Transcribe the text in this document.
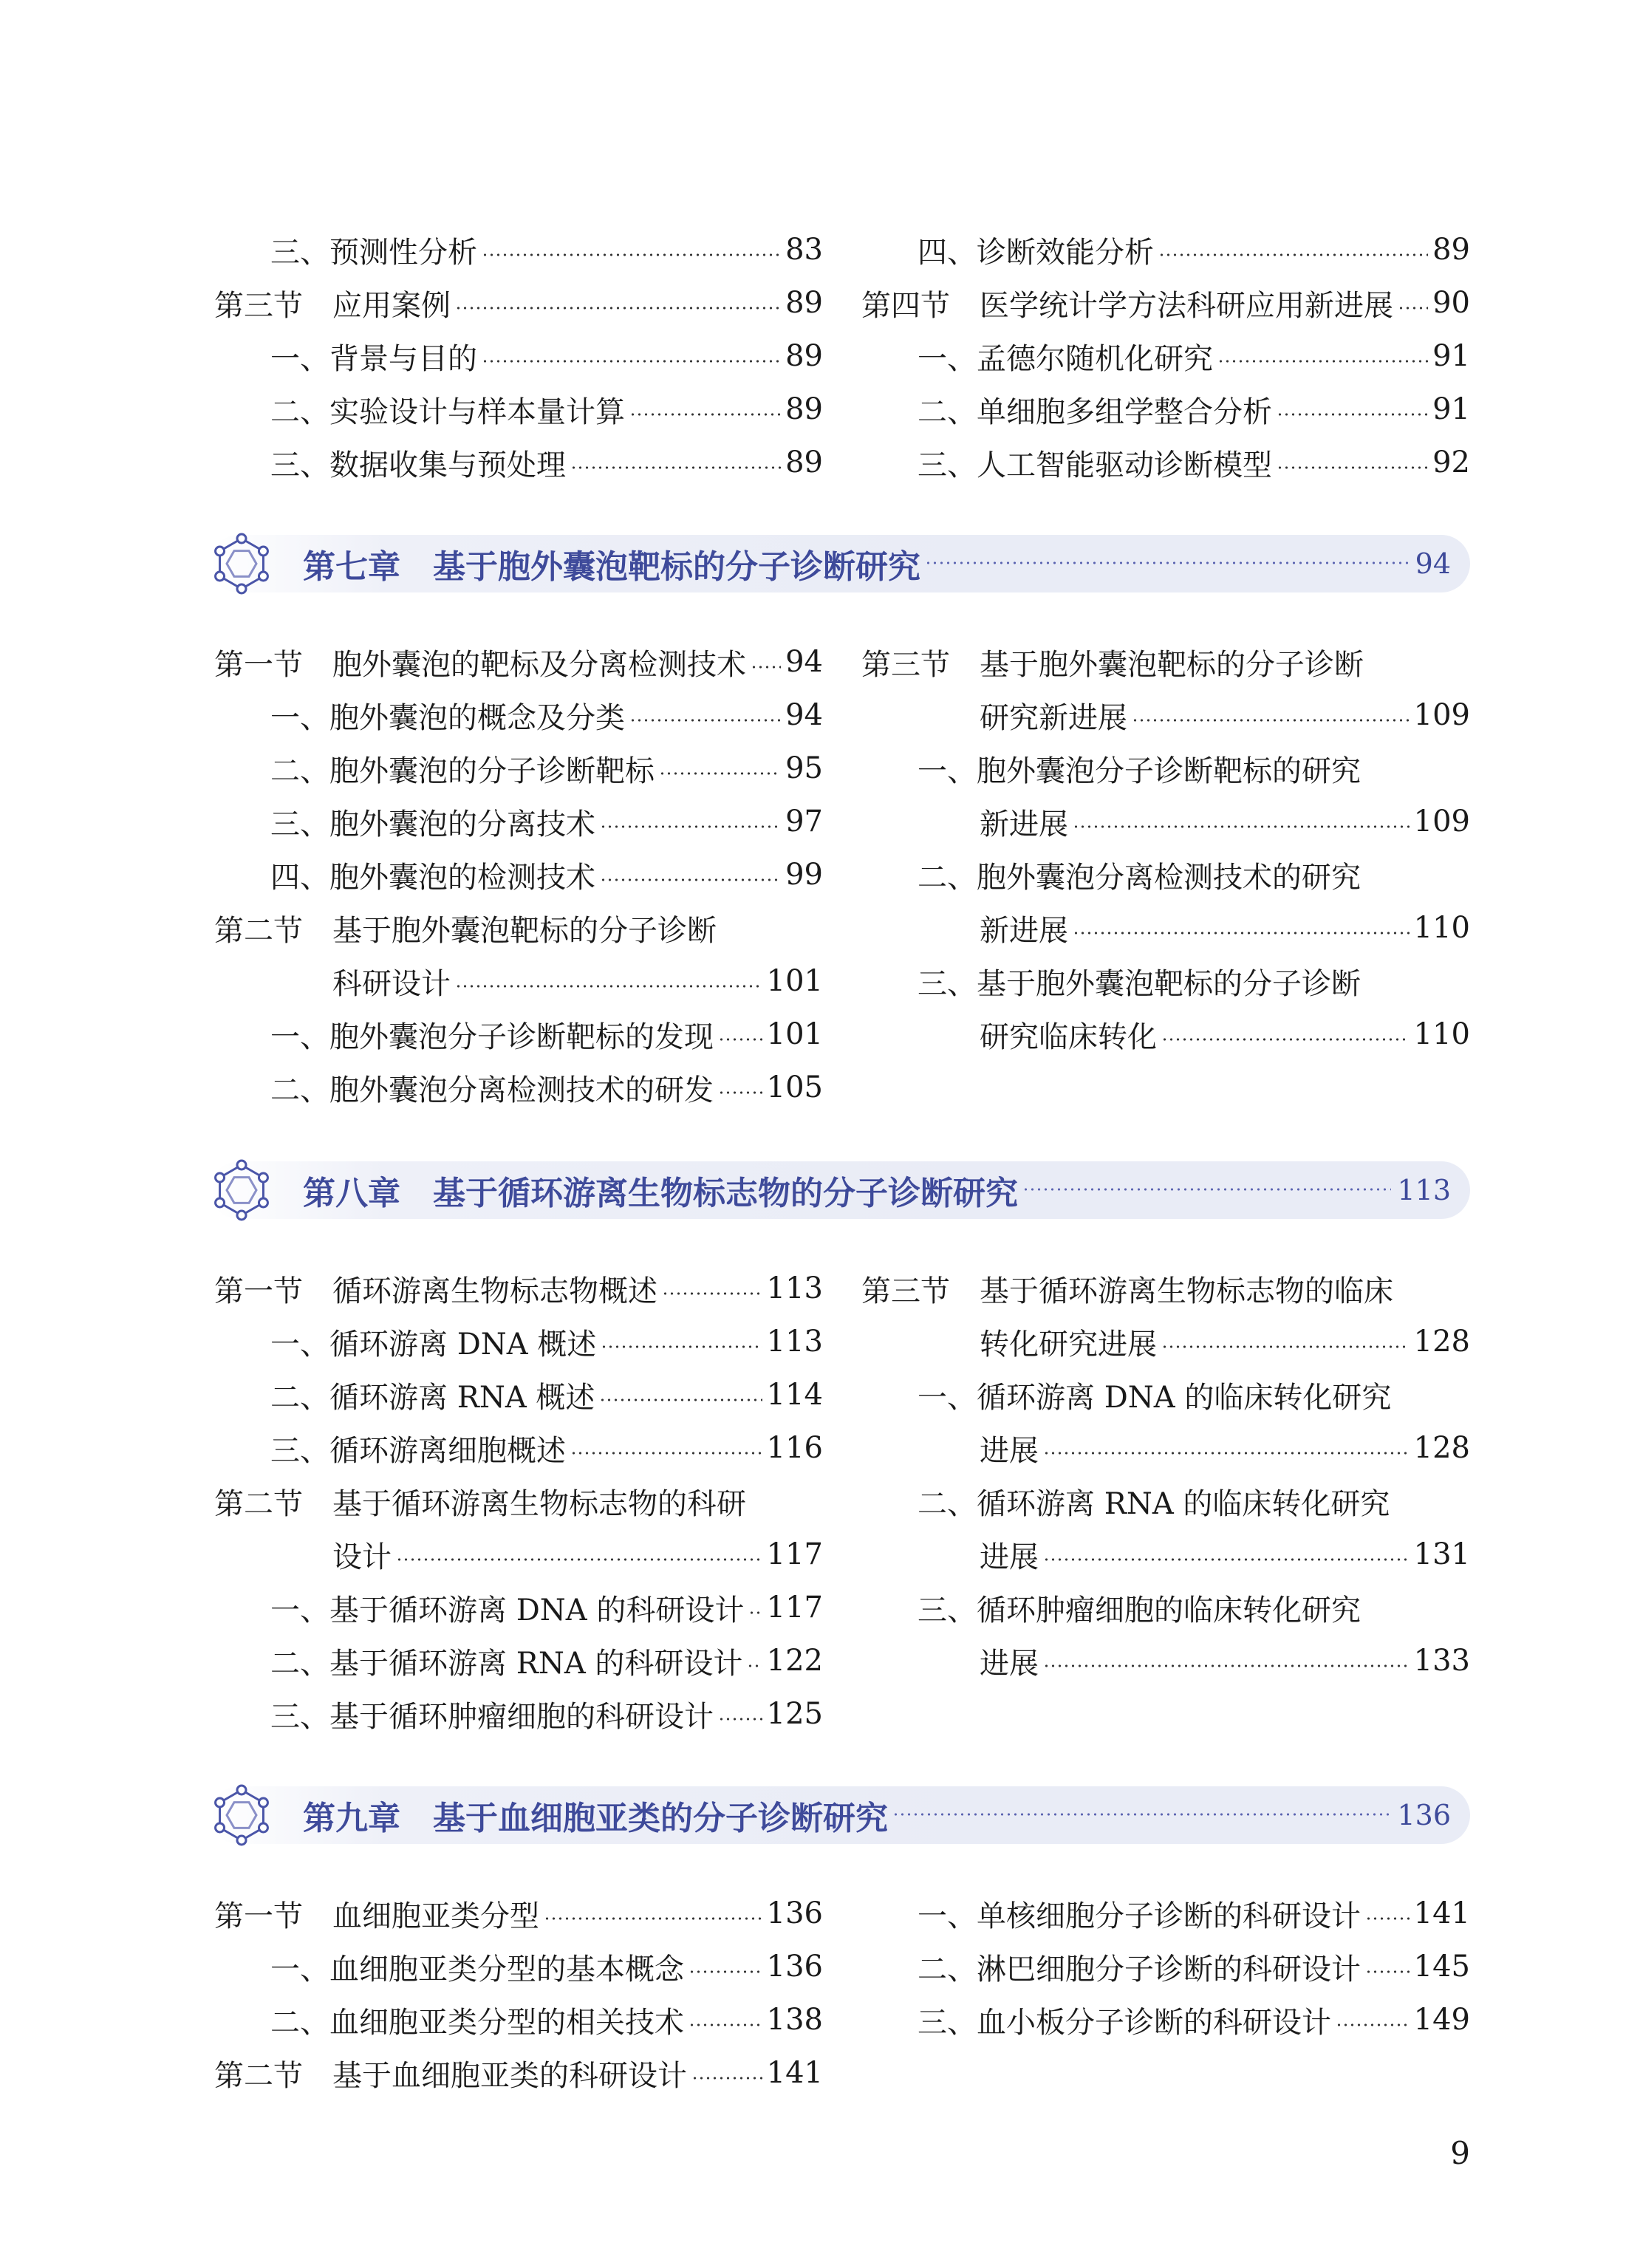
三、预测性分析	83
第三节	应用案例	89
一、背景与目的	89
二、实验设计与样本量计算	89
三、数据收集与预处理	89
四、诊断效能分析	89
第四节	医学统计学方法科研应用新进展 90
一、孟德尔随机化研究	91
二、单细胞多组学整合分析	91
三、人工智能驱动诊断模型	92
第七章 基于胞外囊泡靶标的分子诊断研究	94
第一节	胞外囊泡的靶标及分离检测技术 94
一、胞外囊泡的概念及分类	94
二、胞外囊泡的分子诊断靶标	95
三、胞外囊泡的分离技术	97
四、胞外囊泡的检测技术	99
第二节	基于胞外囊泡靶标的分子诊断
科研设计	101
一、胞外囊泡分子诊断靶标的发现 101
二、胞外囊泡分离检测技术的研发 105
第三节	基于胞外囊泡靶标的分子诊断
研究新进展	109
一、胞外囊泡分子诊断靶标的研究
新进展	109
二、胞外囊泡分离检测技术的研究
新进展	110
三、基于胞外囊泡靶标的分子诊断
研究临床转化	110
第八章 基于循环游离生物标志物的分子诊断研究	113
第一节	循环游离生物标志物概述	113
一、循环游离 DNA 概述	113
二、循环游离 RNA 概述	114
三、循环游离细胞概述	116
第二节	基于循环游离生物标志物的科研
设计	117
一、基于循环游离 DNA 的科研设计 117
二、基于循环游离 RNA 的科研设计 122
三、基于循环肿瘤细胞的科研设计 125
第三节	基于循环游离生物标志物的临床
转化研究进展	128
一、循环游离 DNA 的临床转化研究
进展	128
二、循环游离 RNA 的临床转化研究
进展	131
三、循环肿瘤细胞的临床转化研究
进展	133
第九章 基于血细胞亚类的分子诊断研究	136
第一节	血细胞亚类分型	136
一、血细胞亚类分型的基本概念	136
二、血细胞亚类分型的相关技术	138
第二节	基于血细胞亚类的科研设计	141
一、单核细胞分子诊断的科研设计 141
二、淋巴细胞分子诊断的科研设计 145
三、血小板分子诊断的科研设计	149
9
